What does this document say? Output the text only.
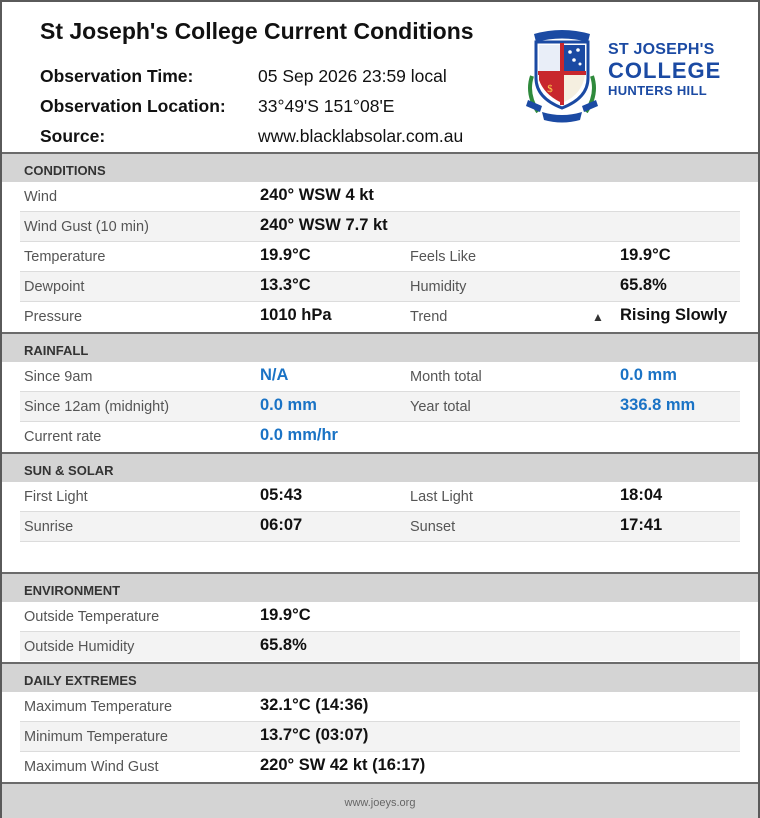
St Joseph's College Current Conditions
Observation Time:	05 Sep 2026 23:59 local
Observation Location: 33°49'S 151°08'E
Source:	www.blacklabsolar.com.au
$
ST JOSEPH'S
COLLEGE
HUNTERS HILL
CONDITIONS
Wind	240° WSW 4 kt
Wind Gust (10 min)	240° WSW 7.7 kt
Temperature	19.9°C	Feels Like	19.9°C
Dewpoint	13.3°C	Humidity	65.8%
Pressure	1010 hPa	Trend	▲ Rising Slowly
RAINFALL
Since 9am	N/A	Month total	0.0 mm
Since 12am (midnight)	0.0 mm	Year total	336.8 mm
Current rate	0.0 mm/hr
SUN & SOLAR
First Light	05:43	Last Light	18:04
Sunrise	06:07	Sunset	17:41
ENVIRONMENT
Outside Temperature	19.9°C
Outside Humidity	65.8%
DAILY EXTREMES
Maximum Temperature	32.1°C (14:36)
Minimum Temperature	13.7°C (03:07)
Maximum Wind Gust	220° SW 42 kt (16:17)
www.joeys.org
